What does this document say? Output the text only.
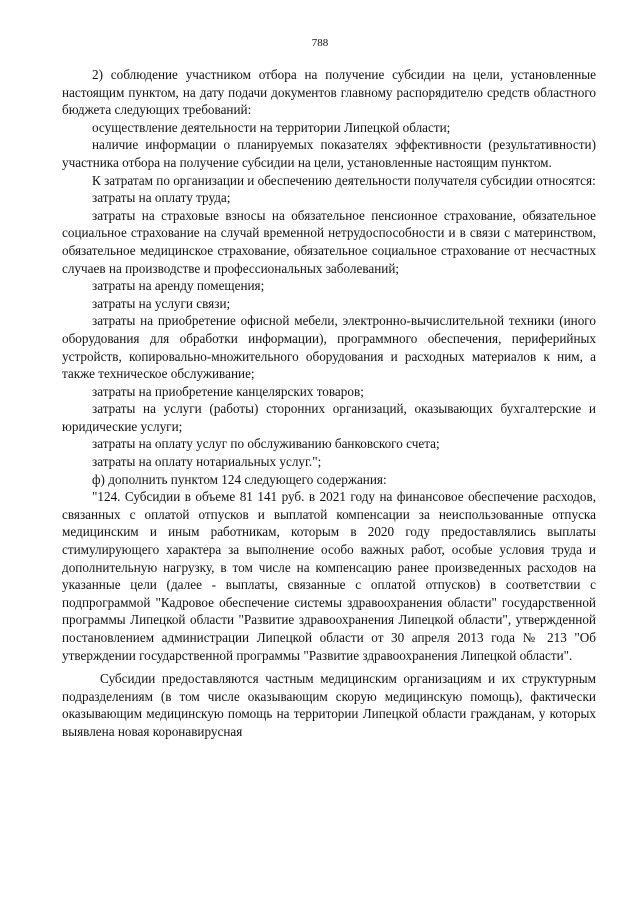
788

2) соблюдение участником отбора на получение субсидии на цели, установленные настоящим пунктом, на дату подачи документов главному распорядителю средств областного бюджета следующих требований:

осуществление деятельности на территории Липецкой области;

наличие информации о планируемых показателях эффективности (результативности) участника отбора на получение субсидии на цели, установленные настоящим пунктом.

К затратам по организации и обеспечению деятельности получателя субсидии относятся:

затраты на оплату труда;

затраты на страховые взносы на обязательное пенсионное страхование, обязательное социальное страхование на случай временной нетрудоспособности и в связи с материнством, обязательное медицинское страхование, обязательное социальное страхование от несчастных случаев на производстве и профессиональных заболеваний;

затраты на аренду помещения;

затраты на услуги связи;

затраты на приобретение офисной мебели, электронно-вычислительной техники (иного оборудования для обработки информации), программного обеспечения, периферийных устройств, копировально-множительного оборудования и расходных материалов к ним, а также техническое обслуживание;

затраты на приобретение канцелярских товаров;

затраты на услуги (работы) сторонних организаций, оказывающих бухгалтерские и юридические услуги;

затраты на оплату услуг по обслуживанию банковского счета;

затраты на оплату нотариальных услуг.";

ф) дополнить пунктом 124 следующего содержания:

"124. Субсидии в объеме 81 141 руб. в 2021 году на финансовое обеспечение расходов, связанных с оплатой отпусков и выплатой компенсации за неиспользованные отпуска медицинским и иным работникам, которым в 2020 году предоставлялись выплаты стимулирующего характера за выполнение особо важных работ, особые условия труда и дополнительную нагрузку, в том числе на компенсацию ранее произведенных расходов на указанные цели (далее - выплаты, связанные с оплатой отпусков) в соответствии с подпрограммой "Кадровое обеспечение системы здравоохранения области" государственной программы Липецкой области "Развитие здравоохранения Липецкой области", утвержденной постановлением администрации Липецкой области от 30 апреля 2013 года № 213 "Об утверждении государственной программы "Развитие здравоохранения Липецкой области".

Субсидии предоставляются частным медицинским организациям и их структурным подразделениям (в том числе оказывающим скорую медицинскую помощь), фактически оказывающим медицинскую помощь на территории Липецкой области гражданам, у которых выявлена новая коронавирусная
